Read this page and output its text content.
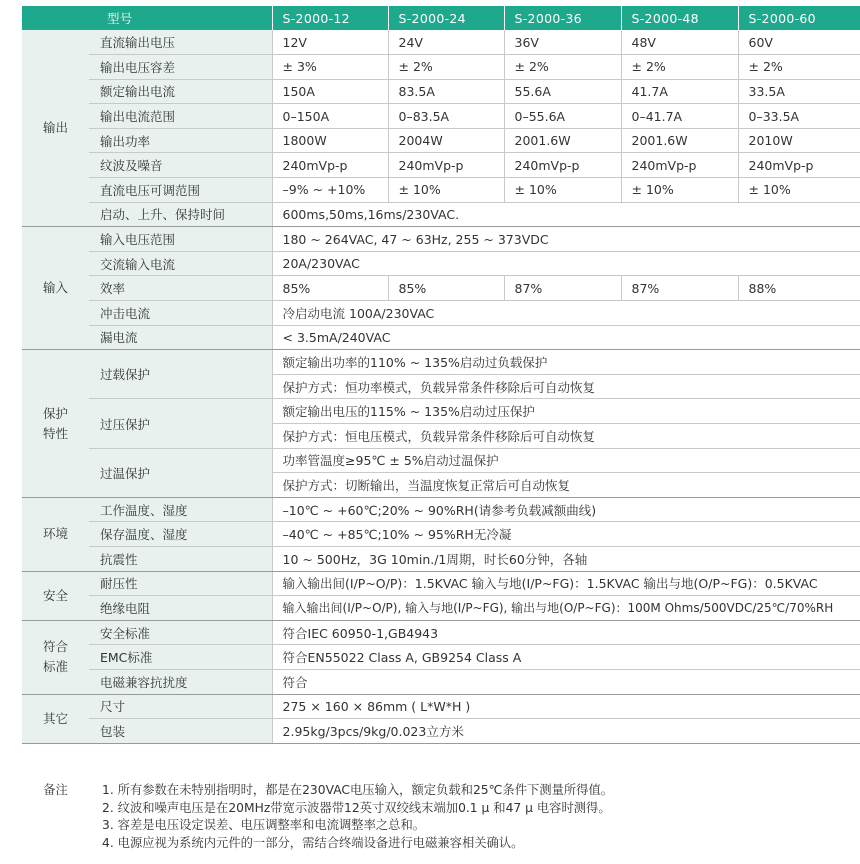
型号		S-2000-12	S-2000-24	S-2000-36	S-2000-48	S-2000-60
输出	直流输出电压	12V	24V	36V	48V	60V
	输出电压容差	± 3%	± 2%	± 2%	± 2%	± 2%
	额定输出电流	150A	83.5A	55.6A	41.7A	33.5A
	输出电流范围	0–150A	0–83.5A	0–55.6A	0–41.7A	0–33.5A
	输出功率	1800W	2004W	2001.6W	2001.6W	2010W
	纹波及噪音	240mVp-p	240mVp-p	240mVp-p	240mVp-p	240mVp-p
	直流电压可调范围	–9% ~ +10%	± 10%	± 10%	± 10%	± 10%
	启动、上升、保持时间	600ms,50ms,16ms/230VAC.				
输入	输入电压范围	180 ~ 264VAC, 47 ~ 63Hz, 255 ~ 373VDC				
	交流输入电流	20A/230VAC				
	效率	85%	85%	87%	87%	88%
	冲击电流	冷启动电流 100A/230VAC				
	漏电流	< 3.5mA/240VAC				
保护特性	过载保护	额定输出功率的110% ~ 135%启动过负载保护				
		保护方式：恒功率模式，负载异常条件移除后可自动恢复				
	过压保护	额定输出电压的115% ~ 135%启动过压保护				
		保护方式：恒电压模式，负载异常条件移除后可自动恢复				
	过温保护	功率管温度≥95℃ ± 5%启动过温保护				
		保护方式：切断输出，当温度恢复正常后可自动恢复				
环境	工作温度、湿度	–10℃ ~ +60℃;20% ~ 90%RH(请参考负载减额曲线)				
	保存温度、湿度	–40℃ ~ +85℃;10% ~ 95%RH无冷凝				
	抗震性	10 ~ 500Hz，3G 10min./1周期，时长60分钟，各轴				
安全	耐压性	输入输出间(I/P~O/P)：1.5KVAC 输入与地(I/P~FG)：1.5KVAC 输出与地(O/P~FG)：0.5KVAC				
	绝缘电阻	输入输出间(I/P~O/P), 输入与地(I/P~FG), 输出与地(O/P~FG)：100M Ohms/500VDC/25℃/70%RH				
符合标准	安全标准	符合IEC 60950-1,GB4943				
	EMC标准	符合EN55022 Class A, GB9254 Class A				
	电磁兼容抗扰度	符合				
其它	尺寸	275 × 160 × 86mm ( L*W*H )				
	包装	2.95kg/3pcs/9kg/0.023立方米				
备注	1. 所有参数在未特别指明时，都是在230VAC电压输入，额定负载和25℃条件下测量所得值。
2. 纹波和噪声电压是在20MHz带宽示波器带12英寸双绞线末端加0.1 μ 和47 μ 电容时测得。
3. 容差是电压设定误差、电压调整率和电流调整率之总和。
4. 电源应视为系统内元件的一部分，需结合终端设备进行电磁兼容相关确认。
